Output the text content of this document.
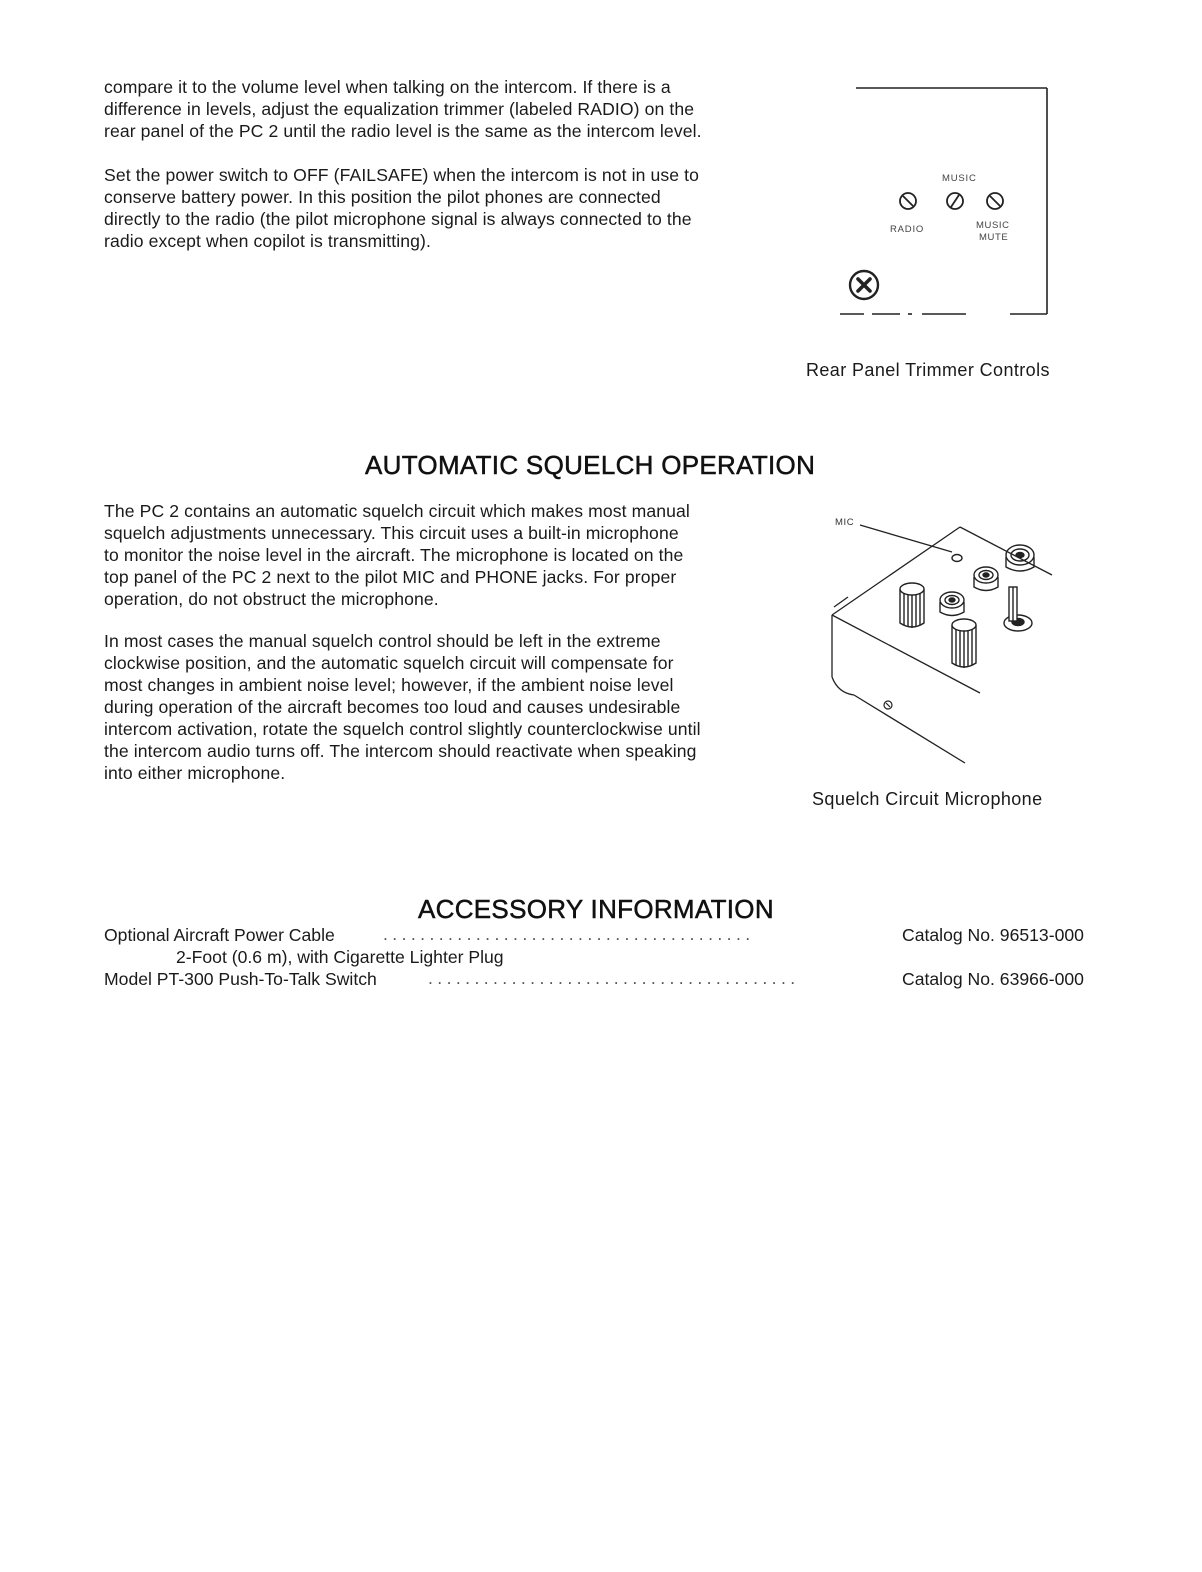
compare it to the volume level when talking on the intercom. If there is a
difference in levels, adjust the equalization trimmer (labeled RADIO) on the
rear panel of the PC 2 until the radio level is the same as the intercom level.

Set the power switch to OFF (FAILSAFE) when the intercom is not in use to
conserve battery power. In this position the pilot phones are connected
directly to the radio (the pilot microphone signal is always connected to the
radio except when copilot is transmitting).

MUSIC
RADIO	MUSIC
MUTE

Rear Panel Trimmer Controls

AUTOMATIC SQUELCH OPERATION

The PC 2 contains an automatic squelch circuit which makes most manual
squelch adjustments unnecessary. This circuit uses a built-in microphone
to monitor the noise level in the aircraft. The microphone is located on the
top panel of the PC 2 next to the pilot MIC and PHONE jacks. For proper
operation, do not obstruct the microphone.

In most cases the manual squelch control should be left in the extreme
clockwise position, and the automatic squelch circuit will compensate for
most changes in ambient noise level; however, if the ambient noise level
during operation of the aircraft becomes too loud and causes undesirable
intercom activation, rotate the squelch control slightly counterclockwise until
the intercom audio turns off. The intercom should reactivate when speaking
into either microphone.

MIC

Squelch Circuit Microphone

ACCESSORY INFORMATION
Optional Aircraft Power Cable	........................................	Catalog No. 96513-000
2-Foot (0.6 m), with Cigarette Lighter Plug
Model PT-300 Push-To-Talk Switch	........................................	Catalog No. 63966-000
